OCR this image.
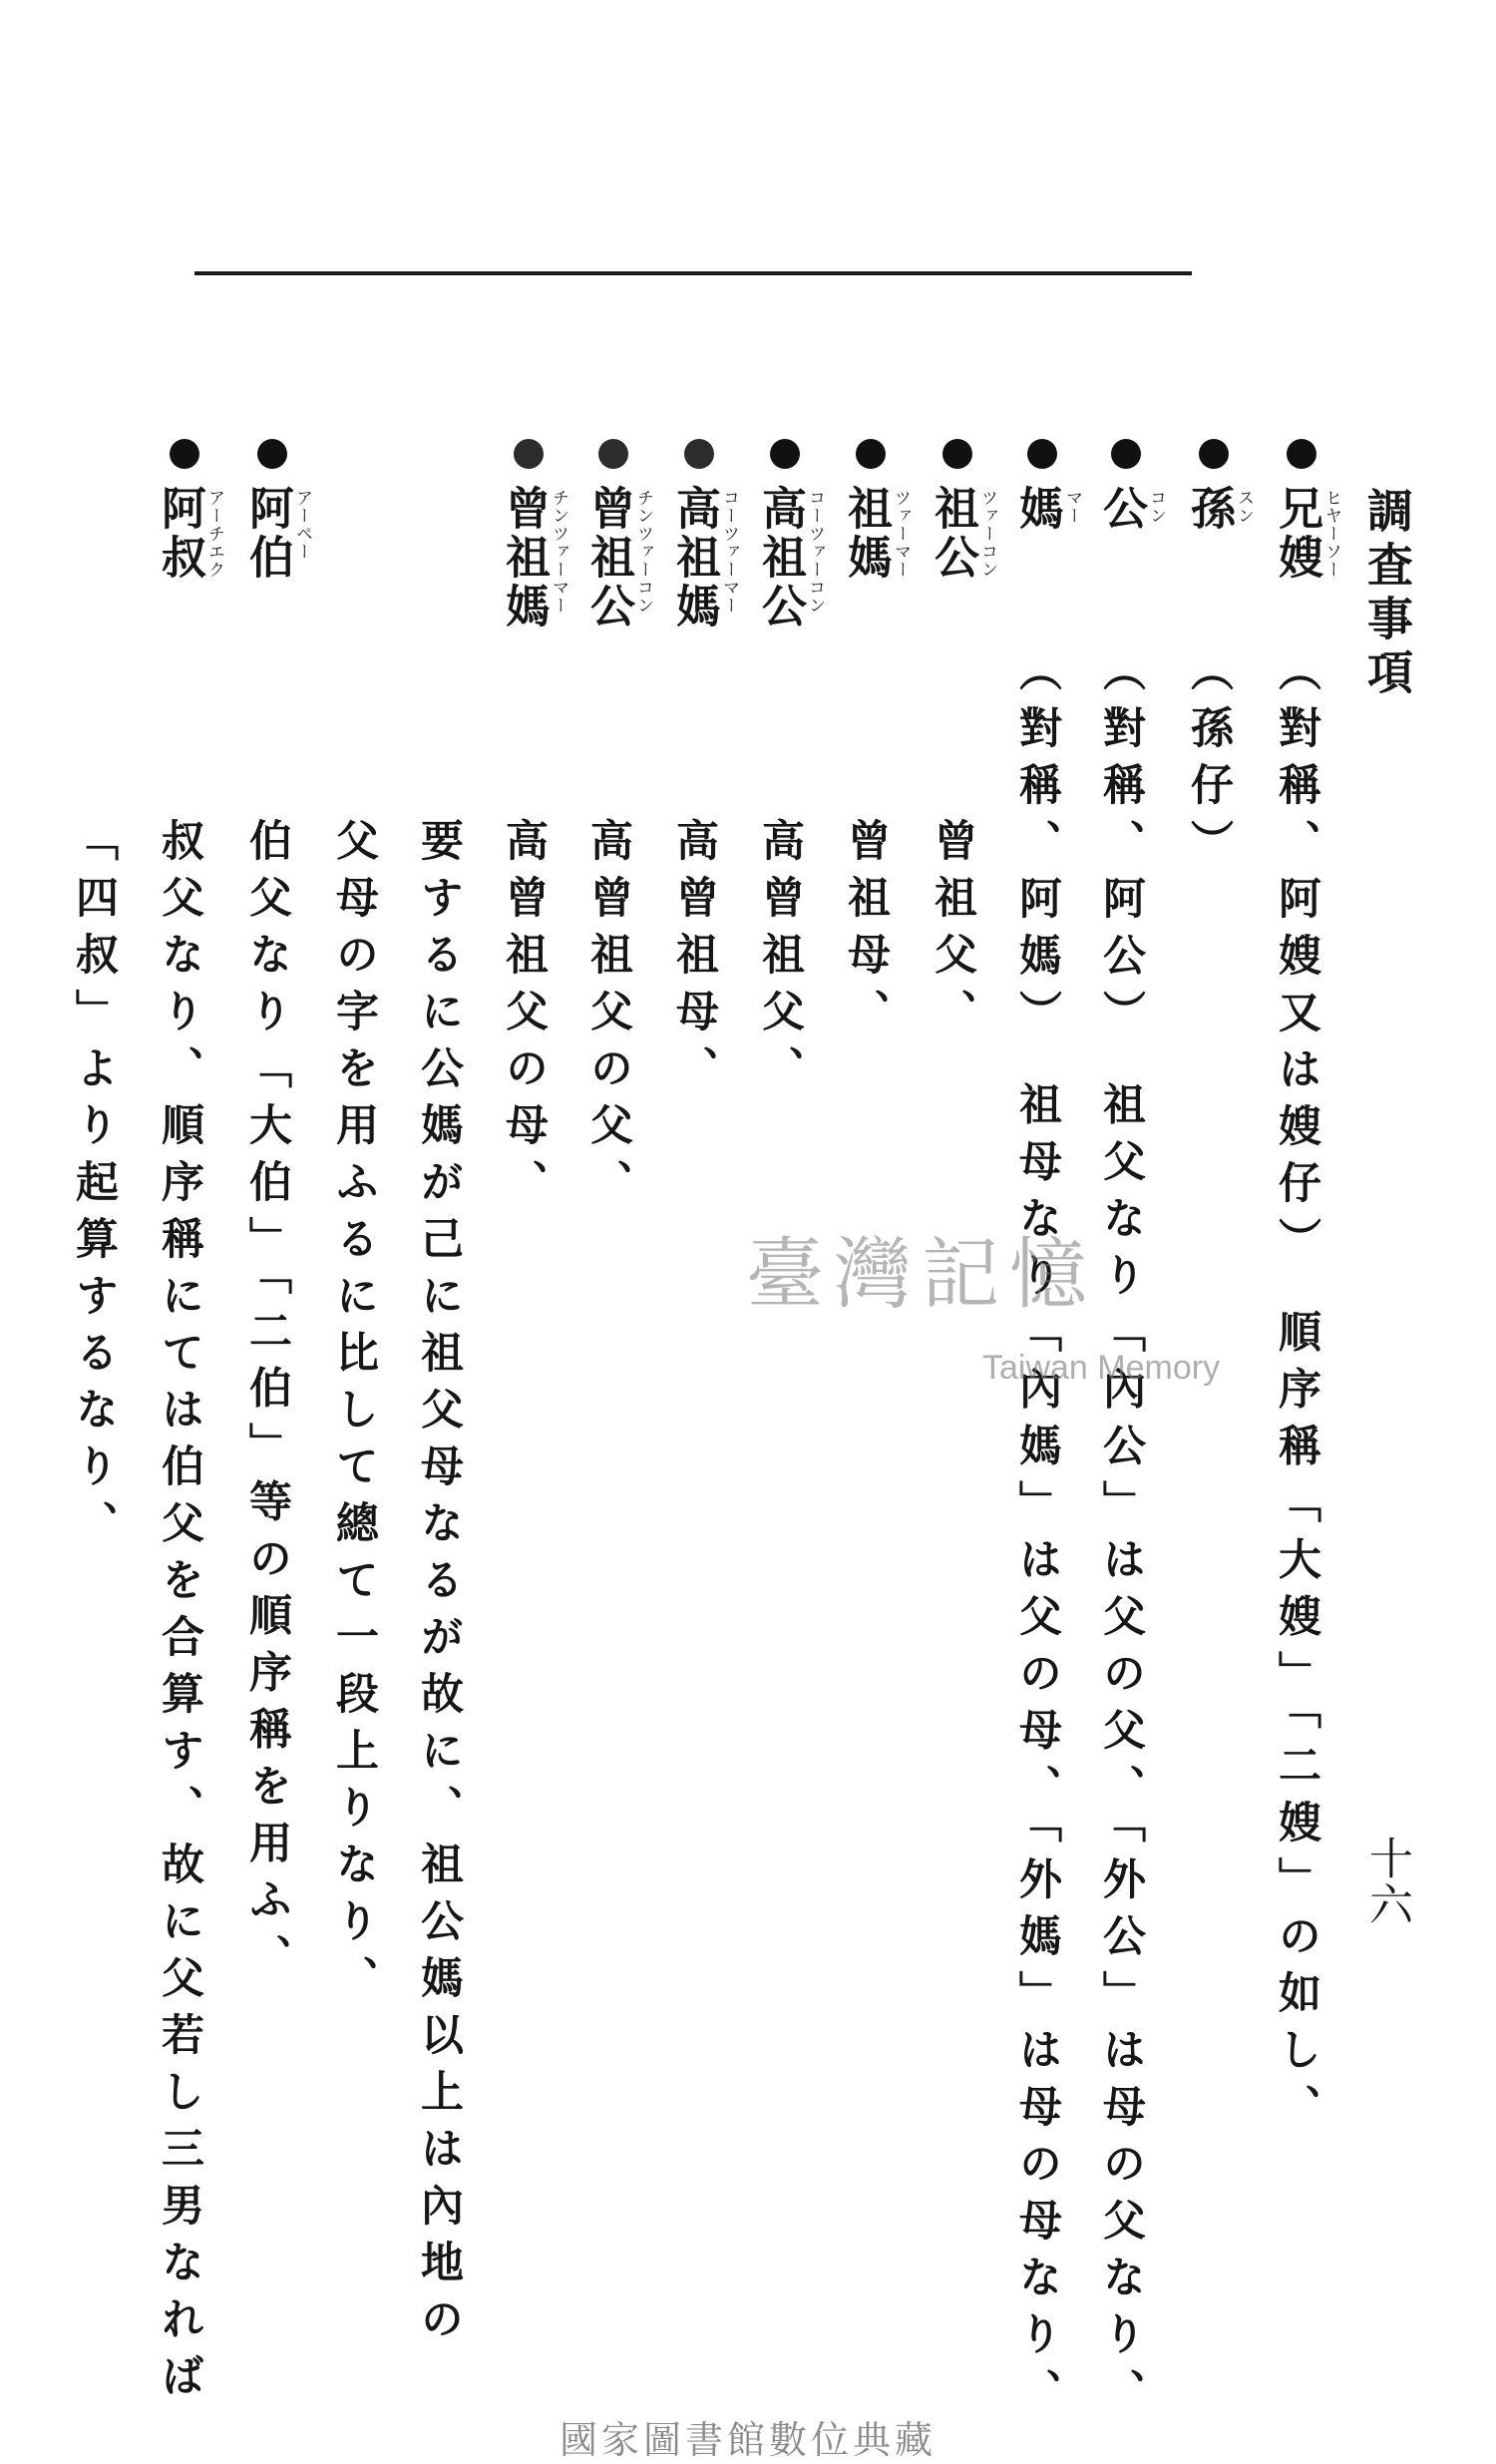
調査事項
十六
兄嫂
ヒヤーソー
（對稱、阿嫂又は嫂仔）　順序稱「大嫂」「二嫂」の如し、
孫
スン
（孫仔）
公
コン
（對稱、阿公）　祖父なり「內公」は父の父、「外公」は母の父なり、
媽
マー
（對稱、阿媽）　祖母なり「內媽」は父の母、「外媽」は母の母なり、
祖公
ツァーコン
曾祖父、
祖媽
ツァーマー
曾祖母、
高祖公
コーツァーコン
高曾祖父、
高祖媽
コーツァーマー
高曾祖母、
曾祖公
チンツァーコン
高曾祖父の父、
曾祖媽
チンツァーマー
高曾祖父の母、
要するに公媽が己に祖父母なるが故に、祖公媽以上は內地の
父母の字を用ふるに比して總て一段上りなり、
阿伯
アーペー
伯父なり「大伯」「二伯」等の順序稱を用ふ、
阿叔
アーチエク
叔父なり、順序稱にては伯父を合算す、故に父若し三男なれば
「四叔」より起算するなり、	臺灣記憶
Taiwan Memory
國家圖書館數位典藏
